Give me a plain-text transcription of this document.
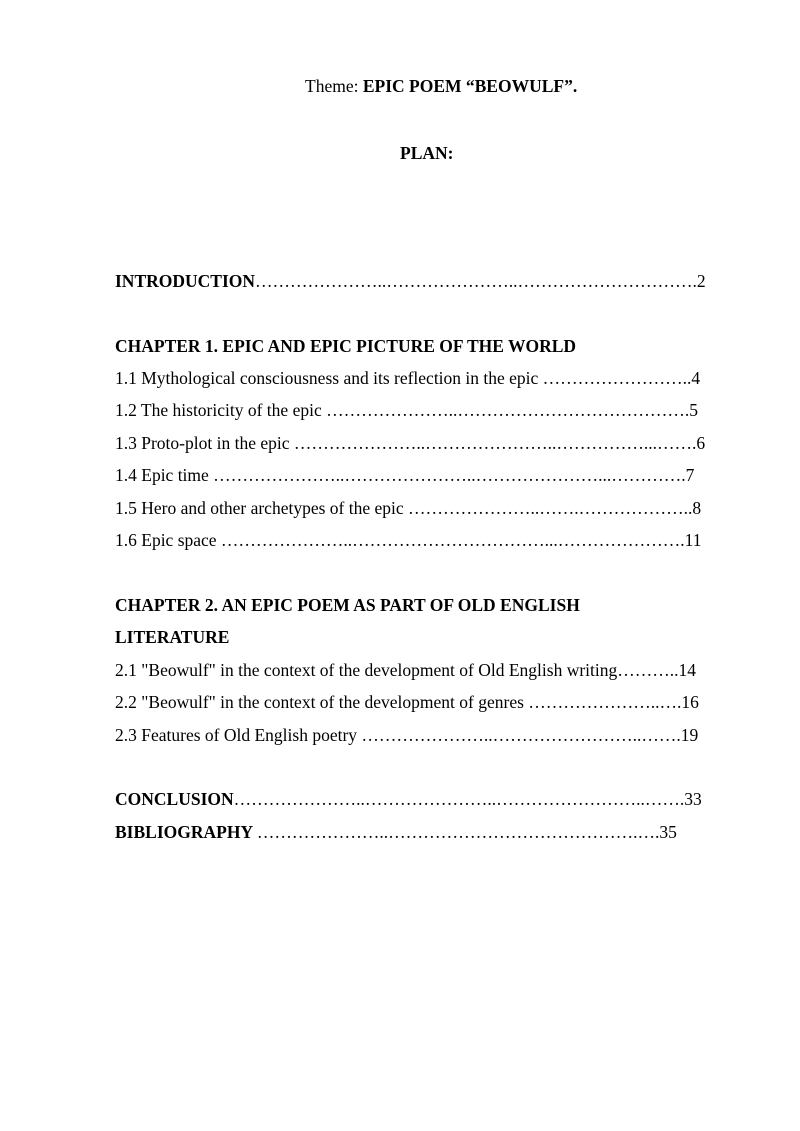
Theme: EPIC POEM “BEOWULF”.
PLAN:
INTRODUCTION…………………..…………………..………………………….2
CHAPTER 1. EPIC AND EPIC PICTURE OF THE WORLD
1.1 Mythological consciousness and its reflection in the epic ……………………..4
1.2 The historicity of the epic …………………..………………………………….5
1.3 Proto-plot in the epic …………………..…………………..……………...…….6
1.4 Epic time …………………..…………………..…………………...………….7
1.5 Hero and other archetypes of the epic …………………..…….………………..8
1.6 Epic space …………………..……………………………...………………….11
CHAPTER 2. AN EPIC POEM AS PART OF OLD ENGLISH
LITERATURE
2.1 "Beowulf" in the context of the development of Old English writing………..14
2.2 "Beowulf" in the context of the development of genres …………………..….16
2.3 Features of Old English poetry …………………..……………………..…….19
CONCLUSION…………………..…………………..……………………..…….33
BIBLIOGRAPHY …………………..…………………………………….….35
